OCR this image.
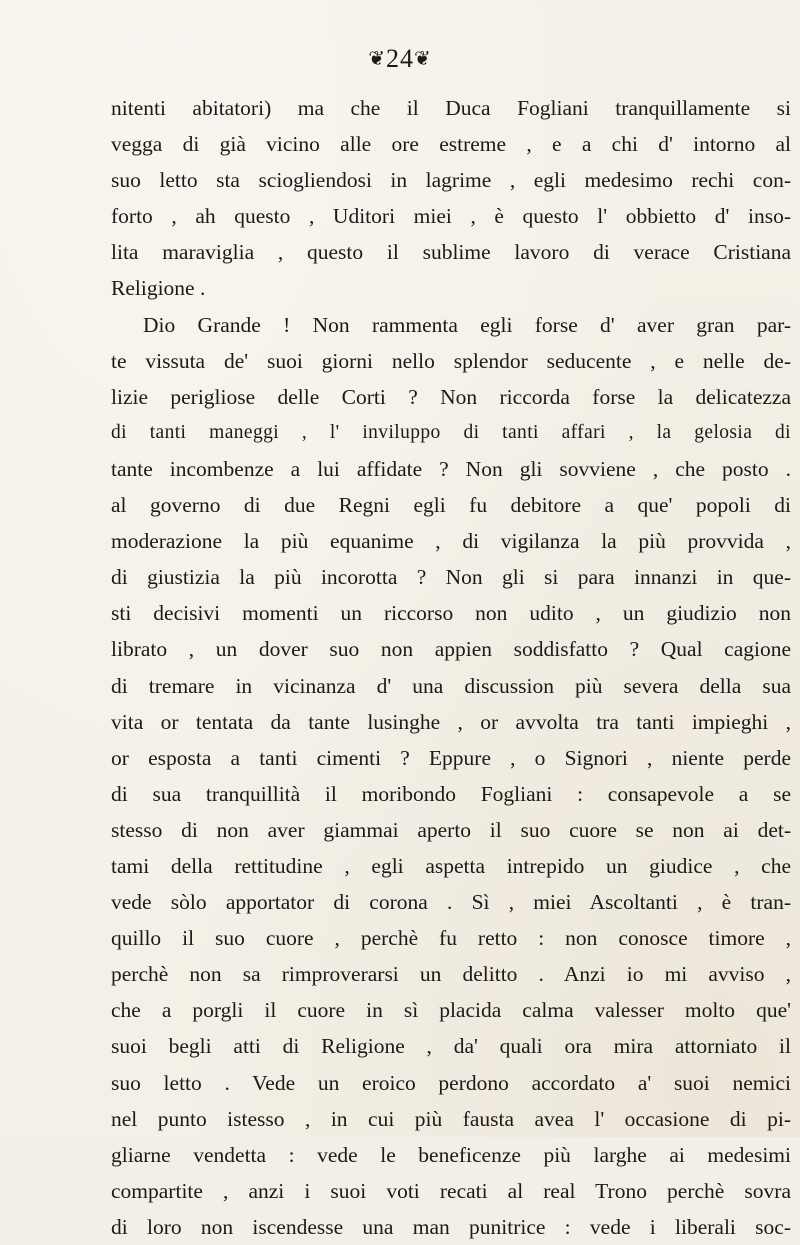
❦24❦
nitenti abitatori) ma che il Duca Fogliani tranquillamente si
vegga di già vicino alle ore estreme , e a chi d' intorno al
suo letto sta sciogliendosi in lagrime , egli medesimo rechi con-
forto , ah questo , Uditori miei , è questo l' obbietto d' inso-
lita maraviglia , questo il sublime lavoro di verace Cristiana
Religione .
Dio Grande ! Non rammenta egli forse d' aver gran par-
te vissuta de' suoi giorni nello splendor seducente , e nelle de-
lizie perigliose delle Corti ? Non riccorda forse la delicatezza
di tanti maneggi , l' inviluppo di tanti affari , la gelosia di
tante incombenze a lui affidate ? Non gli sovviene , che posto .
al governo di due Regni egli fu debitore a que' popoli di
moderazione la più equanime , di vigilanza la più provvida ,
di giustizia la più incorotta ? Non gli si para innanzi in que-
sti decisivi momenti un riccorso non udito , un giudizio non
librato , un dover suo non appien soddisfatto ? Qual cagione
di tremare in vicinanza d' una discussion più severa della sua
vita or tentata da tante lusinghe , or avvolta tra tanti impieghi ,
or esposta a tanti cimenti ? Eppure , o Signori , niente perde
di sua tranquillità il moribondo Fogliani : consapevole a se
stesso di non aver giammai aperto il suo cuore se non ai det-
tami della rettitudine , egli aspetta intrepido un giudice , che
vede sòlo apportator di corona . Sì , miei Ascoltanti , è tran-
quillo il suo cuore , perchè fu retto : non conosce timore ,
perchè non sa rimproverarsi un delitto . Anzi io mi avviso ,
che a porgli il cuore in sì placida calma valesser molto que'
suoi begli atti di Religione , da' quali ora mira attorniato il
suo letto . Vede un eroico perdono accordato a' suoi nemici
nel punto istesso , in cui più fausta avea l' occasione di pi-
gliarne vendetta : vede le beneficenze più larghe ai medesimi
compartite , anzi i suoi voti recati al real Trono perchè sovra
di loro non iscendesse una man punitrice : vede i liberali soc-
